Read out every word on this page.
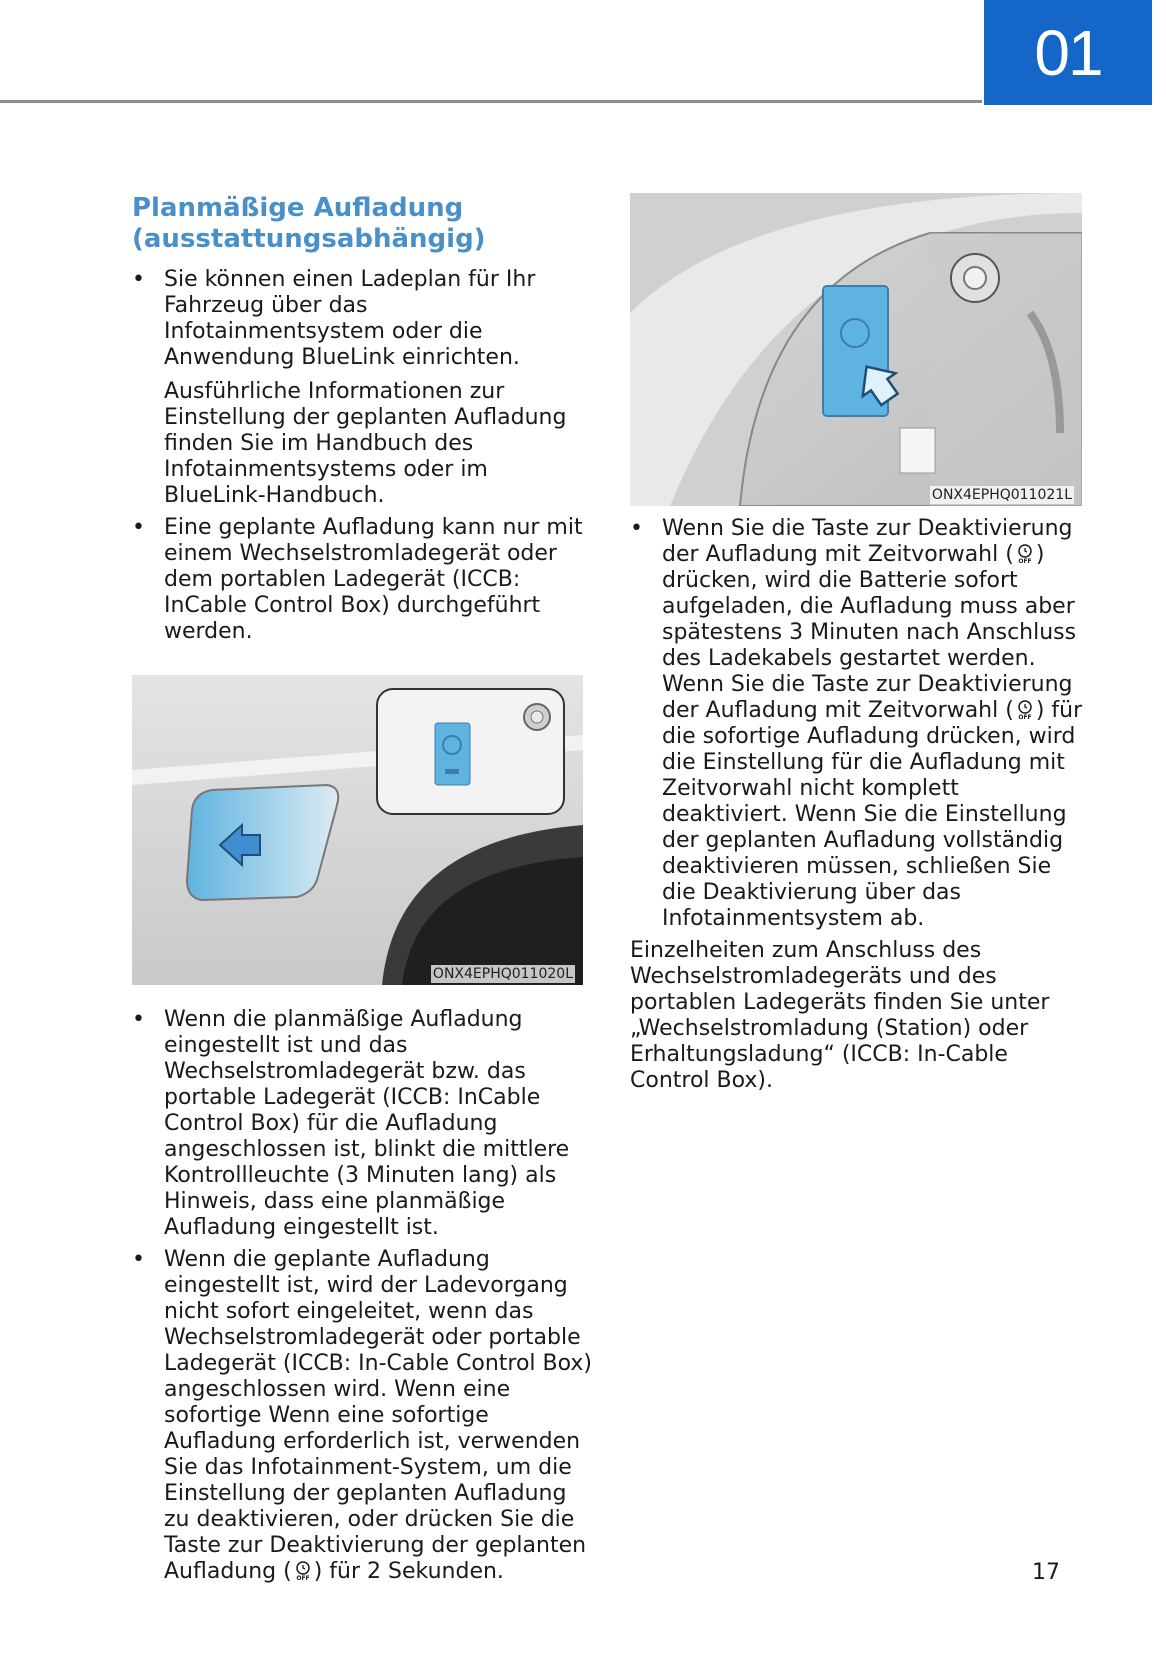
01
Planmäßige Aufladung
(ausstattungsabhängig)

• Sie können einen Ladeplan für Ihr Fahrzeug über das Infotainmentsystem oder die Anwendung BlueLink einrichten.

Ausführliche Informationen zur Einstellung der geplanten Aufladung finden Sie im Handbuch des Infotainmentsystems oder im BlueLink-Handbuch.

• Eine geplante Aufladung kann nur mit einem Wechselstromladegerät oder dem portablen Ladegerät (ICCB: InCable Control Box) durchgeführt werden.

ONX4EPHQ011020L

• Wenn die planmäßige Aufladung eingestellt ist und das Wechselstromladegerät bzw. das portable Ladegerät (ICCB: InCable Control Box) für die Aufladung angeschlossen ist, blinkt die mittlere Kontrollleuchte (3 Minuten lang) als Hinweis, dass eine planmäßige Aufladung eingestellt ist.

• Wenn die geplante Aufladung eingestellt ist, wird der Ladevorgang nicht sofort eingeleitet, wenn das Wechselstromladegerät oder portable Ladegerät (ICCB: In-Cable Control Box) angeschlossen wird. Wenn eine sofortige Wenn eine sofortige Aufladung erforderlich ist, verwenden Sie das Infotainment-System, um die Einstellung der geplanten Aufladung zu deaktivieren, oder drücken Sie die Taste zur Deaktivierung der geplanten Aufladung ( OFF ) für 2 Sekunden.

ONX4EPHQ011021L

• Wenn Sie die Taste zur Deaktivierung der Aufladung mit Zeitvorwahl ( OFF ) drücken, wird die Batterie sofort aufgeladen, die Aufladung muss aber spätestens 3 Minuten nach Anschluss des Ladekabels gestartet werden. Wenn Sie die Taste zur Deaktivierung der Aufladung mit Zeitvorwahl ( OFF ) für die sofortige Aufladung drücken, wird die Einstellung für die Aufladung mit Zeitvorwahl nicht komplett deaktiviert. Wenn Sie die Einstellung der geplanten Aufladung vollständig deaktivieren müssen, schließen Sie die Deaktivierung über das Infotainmentsystem ab.

Einzelheiten zum Anschluss des Wechselstromladegeräts und des portablen Ladegeräts finden Sie unter „Wechselstromladung (Station) oder Erhaltungsladung“ (ICCB: In-Cable Control Box).

17
